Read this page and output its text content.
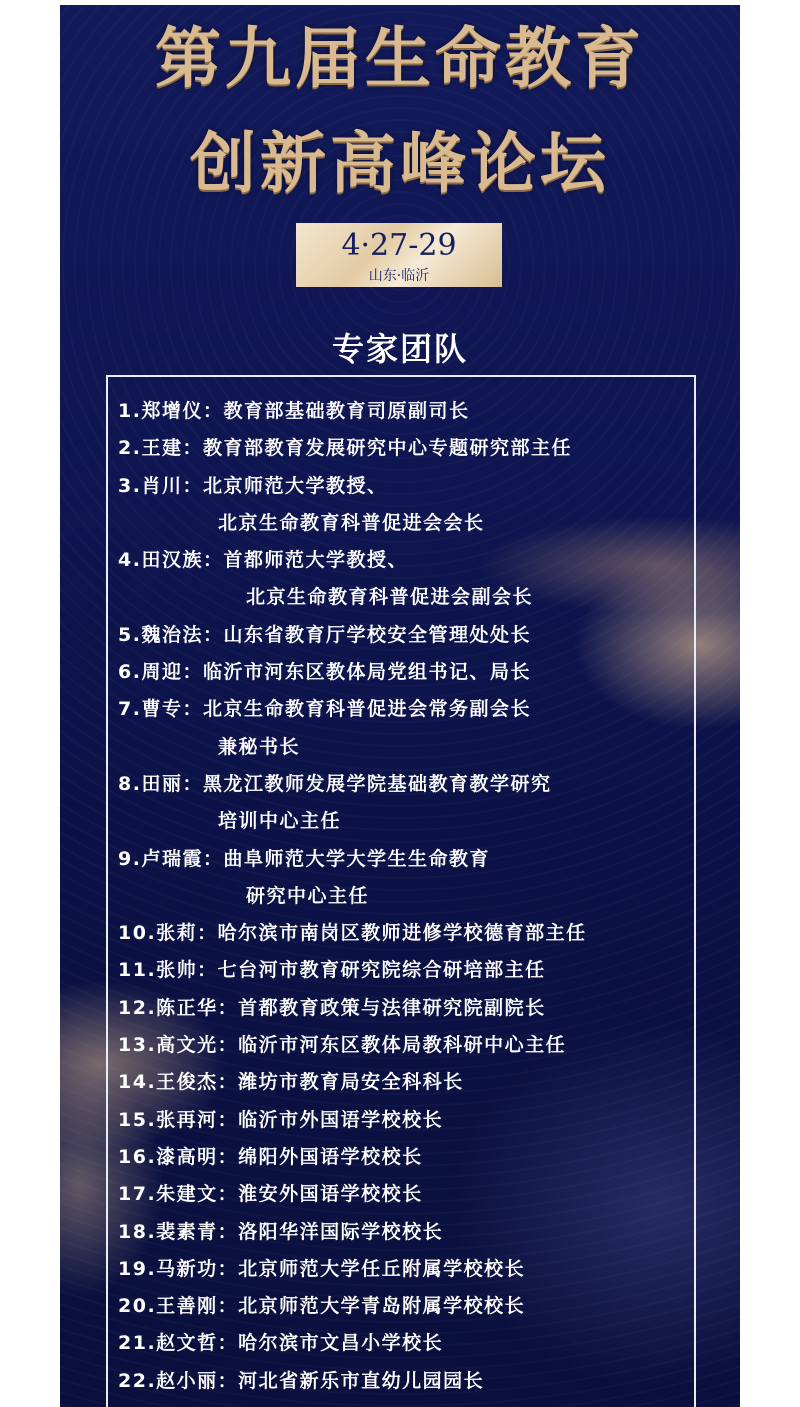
第九届生命教育
创新高峰论坛
4·27-29
山东·临沂
专家团队
1.郑增仪：教育部基础教育司原副司长
2.王建：教育部教育发展研究中心专题研究部主任
3.肖川：北京师范大学教授、
北京生命教育科普促进会会长
4.田汉族：首都师范大学教授、
北京生命教育科普促进会副会长
5.魏治法：山东省教育厅学校安全管理处处长
6.周迎：临沂市河东区教体局党组书记、局长
7.曹专：北京生命教育科普促进会常务副会长
兼秘书长
8.田丽：黑龙江教师发展学院基础教育教学研究
培训中心主任
9.卢瑞霞：曲阜师范大学大学生生命教育
研究中心主任
10.张莉：哈尔滨市南岗区教师进修学校德育部主任
11.张帅：七台河市教育研究院综合研培部主任
12.陈正华：首都教育政策与法律研究院副院长
13.高文光：临沂市河东区教体局教科研中心主任
14.王俊杰：潍坊市教育局安全科科长
15.张再河：临沂市外国语学校校长
16.漆高明：绵阳外国语学校校长
17.朱建文：淮安外国语学校校长
18.裴素青：洛阳华洋国际学校校长
19.马新功：北京师范大学任丘附属学校校长
20.王善刚：北京师范大学青岛附属学校校长
21.赵文哲：哈尔滨市文昌小学校长
22.赵小丽：河北省新乐市直幼儿园园长
